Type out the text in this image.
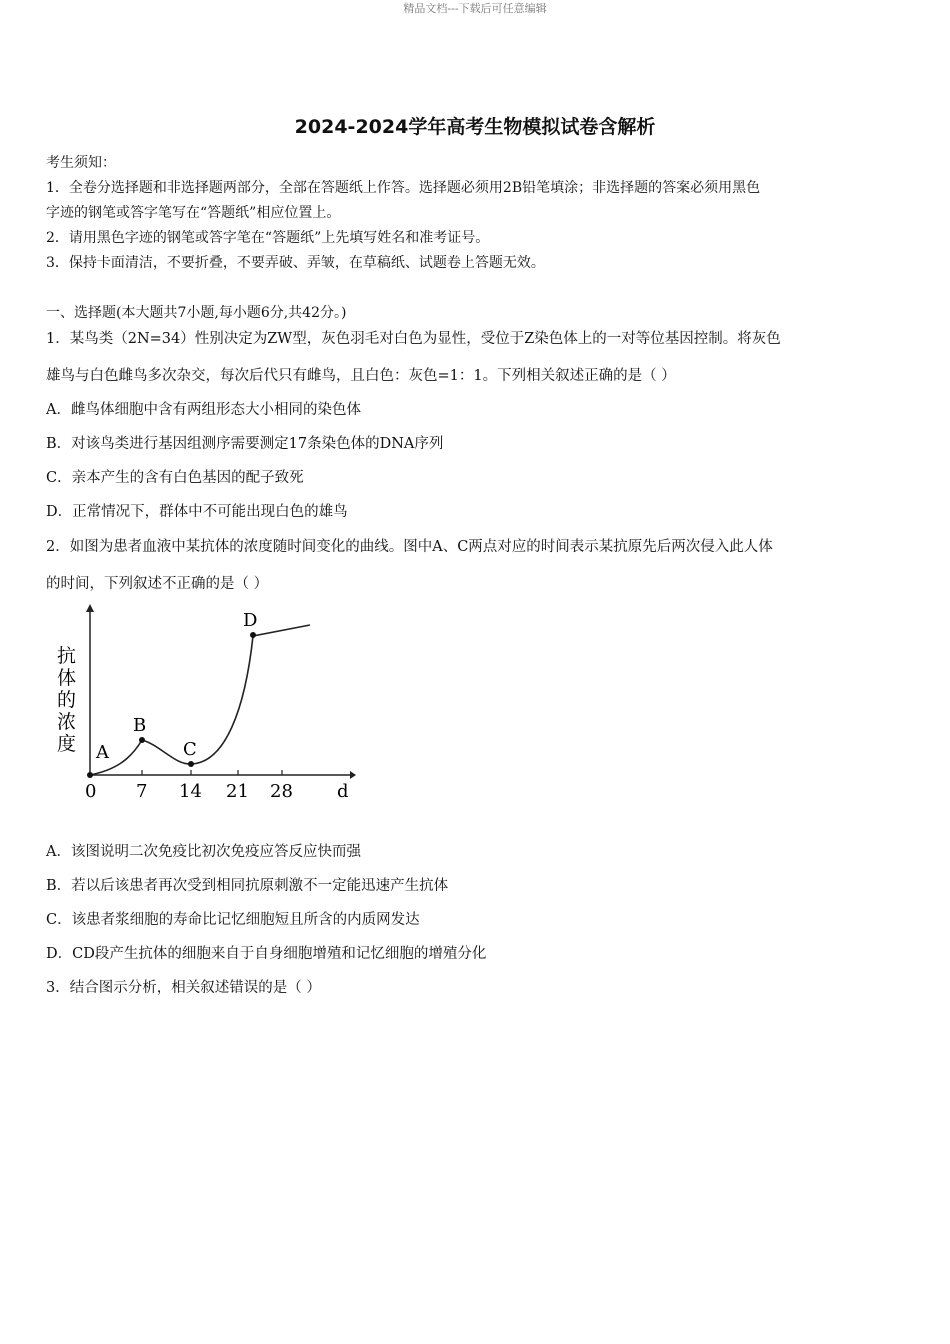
精品文档---下载后可任意编辑
2024-2024学年高考生物模拟试卷含解析
考生须知：
1．全卷分选择题和非选择题两部分，全部在答题纸上作答。选择题必须用2B铅笔填涂；非选择题的答案必须用黑色
字迹的钢笔或答字笔写在“答题纸”相应位置上。
2．请用黑色字迹的钢笔或答字笔在“答题纸”上先填写姓名和准考证号。
3．保持卡面清洁，不要折叠，不要弄破、弄皱，在草稿纸、试题卷上答题无效。
一、选择题(本大题共7小题,每小题6分,共42分。)
1．某鸟类（2N=34）性别决定为ZW型，灰色羽毛对白色为显性，受位于Z染色体上的一对等位基因控制。将灰色
雄鸟与白色雌鸟多次杂交，每次后代只有雌鸟，且白色：灰色=1：1。下列相关叙述正确的是（ ）
A．雌鸟体细胞中含有两组形态大小相同的染色体
B．对该鸟类进行基因组测序需要测定17条染色体的DNA序列
C．亲本产生的含有白色基因的配子致死
D．正常情况下，群体中不可能出现白色的雄鸟
2．如图为患者血液中某抗体的浓度随时间变化的曲线。图中A、C两点对应的时间表示某抗原先后两次侵入此人体
的时间，下列叙述不正确的是（ ）
A
B
C
D
抗
体
的
浓
度
0 7 14 21 28 d
A．该图说明二次免疫比初次免疫应答反应快而强
B．若以后该患者再次受到相同抗原刺激不一定能迅速产生抗体
C．该患者浆细胞的寿命比记忆细胞短且所含的内质网发达
D．CD段产生抗体的细胞来自于自身细胞增殖和记忆细胞的增殖分化
3．结合图示分析，相关叙述错误的是（ ）
